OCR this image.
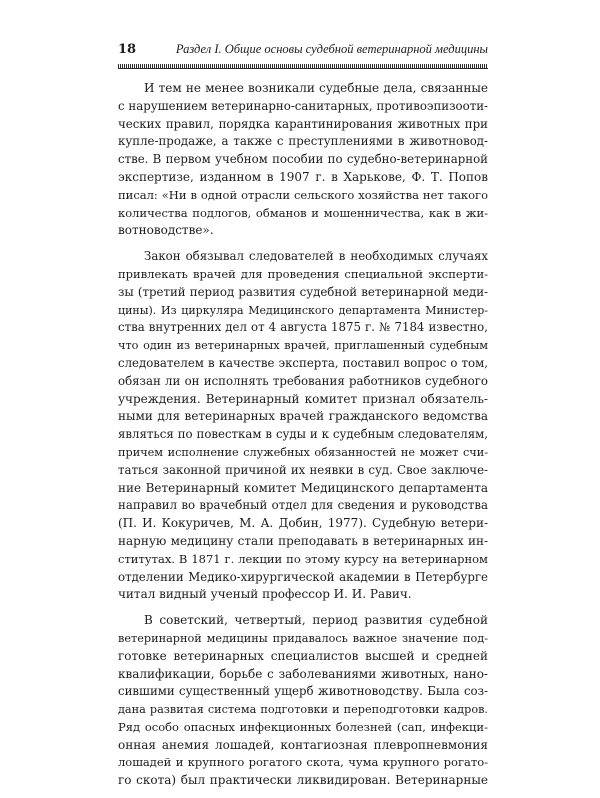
18	Раздел I. Общие основы судебной ветеринарной медицины
И тем не менее возникали судебные дела, связанные
с нарушением ветеринарно-санитарных, противоэпизооти-
ческих правил, порядка карантинирования животных при
купле-продаже, а также с преступлениями в животновод-
стве. В первом учебном пособии по судебно-ветеринарной
экспертизе, изданном в 1907 г. в Харькове, Ф. Т. Попов
писал: «Ни в одной отрасли сельского хозяйства нет такого
количества подлогов, обманов и мошенничества, как в жи-
вотноводстве».
Закон обязывал следователей в необходимых случаях
привлекать врачей для проведения специальной эксперти-
зы (третий период развития судебной ветеринарной меди-
цины). Из циркуляра Медицинского департамента Министер-
ства внутренних дел от 4 августа 1875 г. № 7184 известно,
что один из ветеринарных врачей, приглашенный судебным
следователем в качестве эксперта, поставил вопрос о том,
обязан ли он исполнять требования работников судебного
учреждения. Ветеринарный комитет признал обязатель-
ными для ветеринарных врачей гражданского ведомства
являться по повесткам в суды и к судебным следователям,
причем исполнение служебных обязанностей не может счи-
таться законной причиной их неявки в суд. Свое заключе-
ние Ветеринарный комитет Медицинского департамента
направил во врачебный отдел для сведения и руководства
(П. И. Кокуричев, М. А. Добин, 1977). Судебную ветери-
нарную медицину стали преподавать в ветеринарных ин-
ститутах. В 1871 г. лекции по этому курсу на ветеринарном
отделении Медико-хирургической академии в Петербурге
читал видный ученый профессор И. И. Равич.
В советский, четвертый, период развития судебной
ветеринарной медицины придавалось важное значение под-
готовке ветеринарных специалистов высшей и средней
квалификации, борьбе с заболеваниями животных, нано-
сившими существенный ущерб животноводству. Была соз-
дана развитая система подготовки и переподготовки кадров.
Ряд особо опасных инфекционных болезней (сап, инфекци-
онная анемия лошадей, контагиозная плевропневмония
лошадей и крупного рогатого скота, чума крупного рогато-
го скота) был практически ликвидирован. Ветеринарные
